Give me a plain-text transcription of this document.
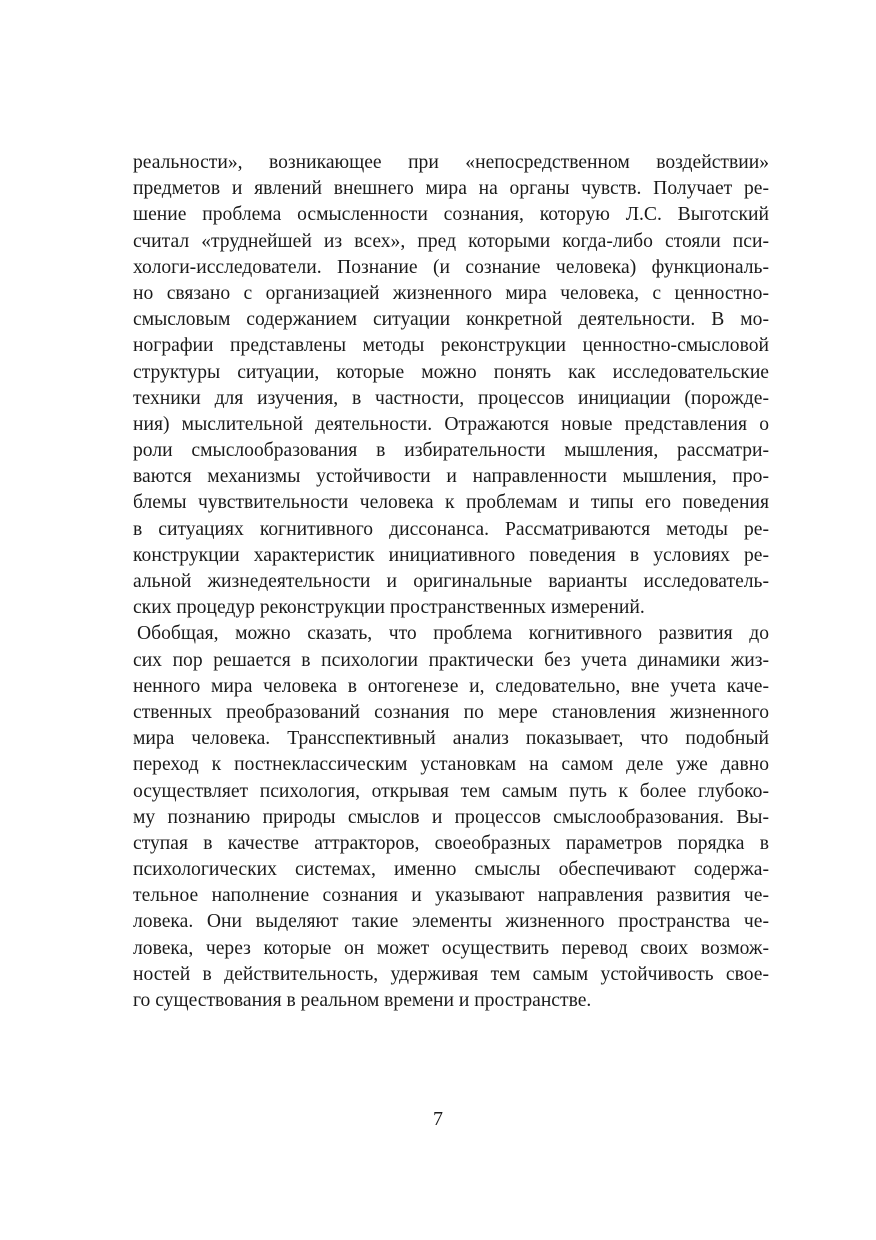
реальности», возникающее при «непосредственном воздействии»
предметов и явлений внешнего мира на органы чувств. Получает ре-
шение проблема осмысленности сознания, которую Л.С. Выготский
считал «труднейшей из всех», пред которыми когда-либо стояли пси-
хологи-исследователи. Познание (и сознание человека) функциональ-
но связано с организацией жизненного мира человека, с ценностно-
смысловым содержанием ситуации конкретной деятельности. В мо-
нографии представлены методы реконструкции ценностно-смысловой
структуры ситуации, которые можно понять как исследовательские
техники для изучения, в частности, процессов инициации (порожде-
ния) мыслительной деятельности. Отражаются новые представления о
роли смыслообразования в избирательности мышления, рассматри-
ваются механизмы устойчивости и направленности мышления, про-
блемы чувствительности человека к проблемам и типы его поведения
в ситуациях когнитивного диссонанса. Рассматриваются методы ре-
конструкции характеристик инициативного поведения в условиях ре-
альной жизнедеятельности и оригинальные варианты исследователь-
ских процедур реконструкции пространственных измерений.
Обобщая, можно сказать, что проблема когнитивного развития до
сих пор решается в психологии практически без учета динамики жиз-
ненного мира человека в онтогенезе и, следовательно, вне учета каче-
ственных преобразований сознания по мере становления жизненного
мира человека. Трансспективный анализ показывает, что подобный
переход к постнеклассическим установкам на самом деле уже давно
осуществляет психология, открывая тем самым путь к более глубоко-
му познанию природы смыслов и процессов смыслообразования. Вы-
ступая в качестве аттракторов, своеобразных параметров порядка в
психологических системах, именно смыслы обеспечивают содержа-
тельное наполнение сознания и указывают направления развития че-
ловека. Они выделяют такие элементы жизненного пространства че-
ловека, через которые он может осуществить перевод своих возмож-
ностей в действительность, удерживая тем самым устойчивость свое-
го существования в реальном времени и пространстве.
7
